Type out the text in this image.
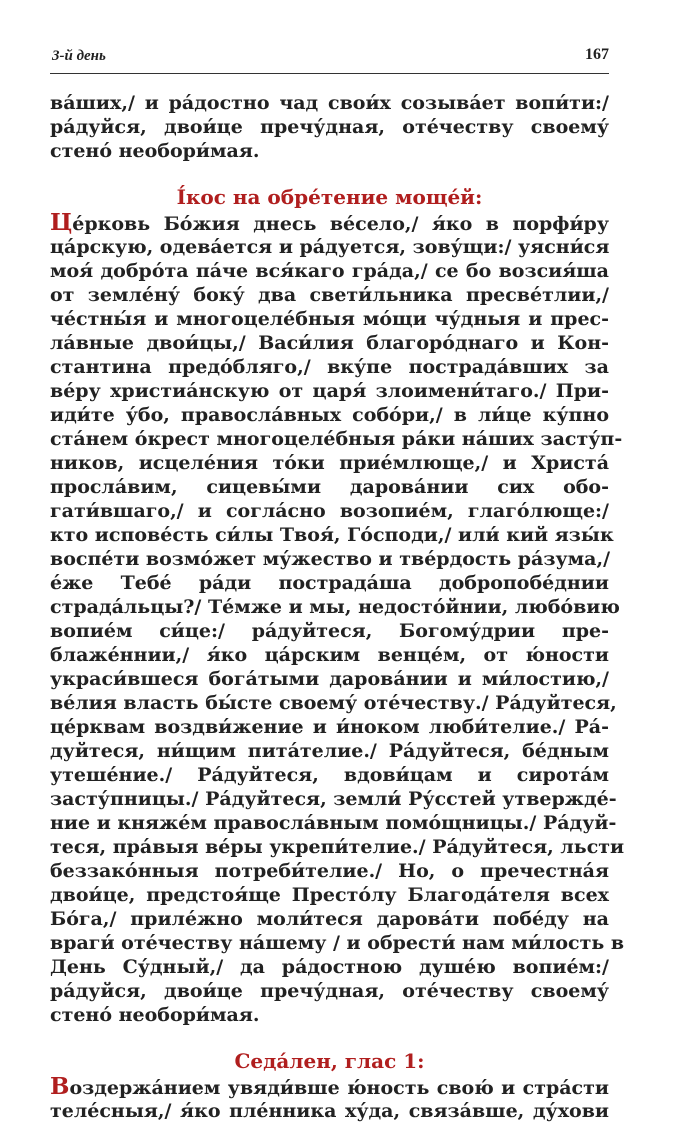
3-й день	167
ва́ших,/ и ра́достно чад свои́х созыва́ет вопи́ти:/
ра́дуйся, двои́це пречу́дная, оте́честву своему́
стено́ необори́мая.
І́кос на обре́тение моще́й:
Це́рковь Бо́жия днесь ве́село,/ я́ко в порфи́ру
ца́рскую, одева́ется и ра́дуется, зову́щи:/ уясни́ся
моя́ добро́та па́че вся́каго гра́да,/ се бо возсия́ша
от земле́ну́ боку́ два свети́льника пресве́тлии,/
че́стны́я и многоцеле́бныя мо́щи чу́дныя и прес-
ла́вные двои́цы,/ Васи́лия благоро́днаго и Кон-
стантина предо́бляго,/ вку́пе пострада́вших за
ве́ру христиа́нскую от царя́ злоимени́таго./ При-
иди́те у́бо, правосла́вных собо́ри,/ в ли́це ку́пно
ста́нем о́крест многоцеле́бныя ра́ки на́ших засту́п-
ников, исцеле́ния то́ки прие́млюще,/ и Христа́
просла́вим, сицевы́ми дарова́нии сих обо-
гати́вшаго,/ и согла́сно возопие́м, глаго́люще:/
кто испове́сть си́лы Твоя́, Го́споди,/ или́ кий язы́к
воспе́ти возмо́жет му́жество и тве́рдость ра́зума,/
е́же Тебе́ ра́ди пострада́ша добропобе́днии
страда́льцы?/ Те́мже и мы, недосто́йнии, любо́вию
вопие́м си́це:/ ра́дуйтеся, Богому́дрии пре-
блаже́ннии,/ я́ко ца́рским венце́м, от ю́ности
украси́вшеся бога́тыми дарова́нии и ми́лостию,/
ве́лия власть бы́сте своему́ оте́честву./ Ра́дуйтеся,
це́рквам воздви́жение и и́ноком люби́телие./ Ра́-
дуйтеся, ни́щим пита́телие./ Ра́дуйтеся, бе́дным
утеше́ние./ Ра́дуйтеся, вдови́цам и сирота́м
засту́пницы./ Ра́дуйтеся, земли́ Ру́сстей утвержде́-
ние и княже́м правосла́вным помо́щницы./ Ра́дуй-
теся, пра́выя ве́ры укрепи́телие./ Ра́дуйтеся, льсти
беззако́нныя потреби́телие./ Но, о пречестна́я
двои́це, предстоя́ще Престо́лу Благода́теля всех
Бо́га,/ приле́жно моли́теся дарова́ти побе́ду на
враги́ оте́честву на́шему / и обрести́ нам ми́лость в
День Су́дный,/ да ра́достною душе́ю вопие́м:/
ра́дуйся, двои́це пречу́дная, оте́честву своему́
стено́ необори́мая.
Седа́лен, глас 1:
Воздержа́нием увяди́вше ю́ность свою́ и стра́сти
теле́сныя,/ я́ко пле́нника ху́да, связа́вше, ду́хови
